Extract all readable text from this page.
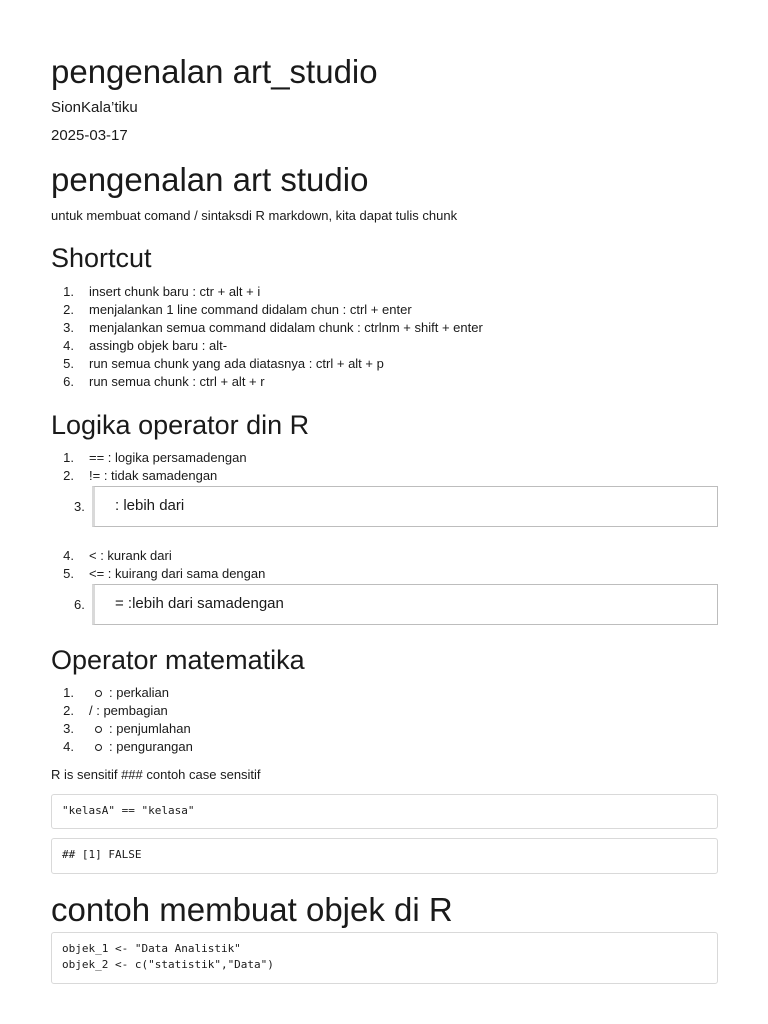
pengenalan art_studio
SionKala’tiku
2025-03-17
pengenalan art studio
untuk membuat comand / sintaksdi R markdown, kita dapat tulis chunk
Shortcut
1. insert chunk baru : ctr + alt + i
2. menjalankan 1 line command didalam chun : ctrl + enter
3. menjalankan semua command didalam chunk : ctrlnm + shift + enter
4. assingb objek baru : alt-
5. run semua chunk yang ada diatasnya : ctrl + alt + p
6. run semua chunk : ctrl + alt + r
Logika operator din R
1. == : logika persamadengan
2. != : tidak samadengan
3.	: lebih dari
4. < : kurank dari
5. <= : kuirang dari sama dengan
6.	= :lebih dari samadengan
Operator matematika
1.	: perkalian
2. / : pembagian
3.	: penjumlahan
4.	: pengurangan
R is sensitif ### contoh case sensitif
"kelasA" == "kelasa"
## [1] FALSE
contoh membuat objek di R
objek_1 <- "Data Analistik"
objek_2 <- c("statistik","Data")
